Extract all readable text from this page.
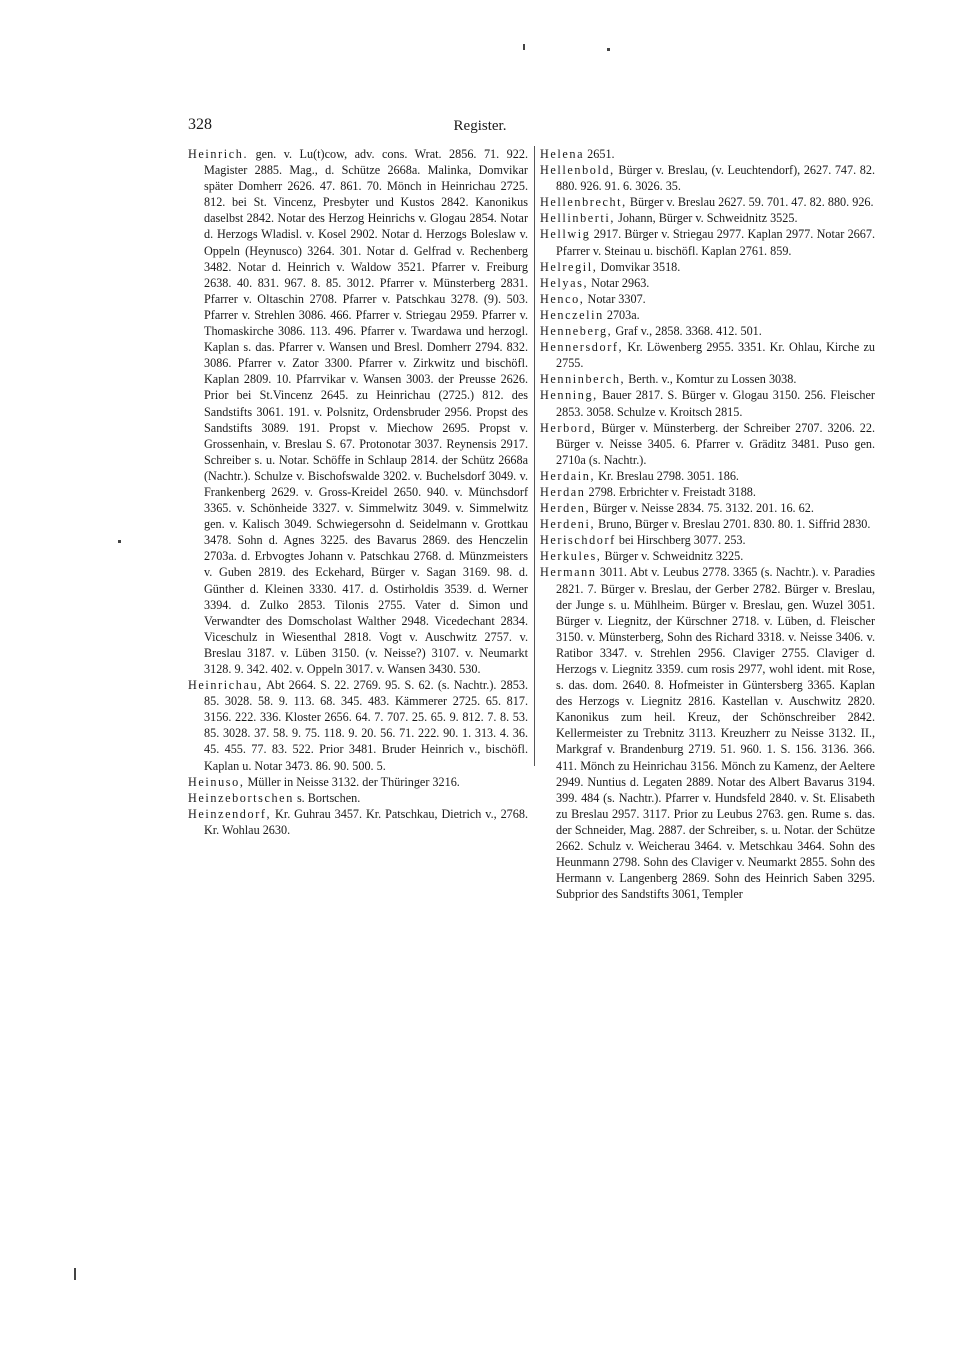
328	Register.

Heinrich. gen. v. Lu(t)cow, adv. cons. Wrat. 2856. 71. 922. Magister 2885. Mag., d. Schütze 2668a. Malinka, Domvikar später Domherr 2626. 47. 861. 70. Mönch in Heinrichau 2725. 812. bei St. Vincenz, Presbyter und Kustos 2842. Kanonikus daselbst 2842. Notar des Herzog Heinrichs v. Glogau 2854. Notar d. Herzogs Wladisl. v. Kosel 2902. Notar d. Herzogs Boleslaw v. Oppeln (Heynusco) 3264. 301. Notar d. Gelfrad v. Rechenberg 3482. Notar d. Heinrich v. Waldow 3521. Pfarrer v. Freiburg 2638. 40. 831. 967. 8. 85. 3012. Pfarrer v. Münsterberg 2831. Pfarrer v. Oltaschin 2708. Pfarrer v. Patschkau 3278. (9). 503. Pfarrer v. Strehlen 3086. 466. Pfarrer v. Striegau 2959. Pfarrer v. Thomaskirche 3086. 113. 496. Pfarrer v. Twardawa und herzogl. Kaplan s. das. Pfarrer v. Wansen und Bresl. Domherr 2794. 832. 3086. Pfarrer v. Zator 3300. Pfarrer v. Zirkwitz und bischöfl. Kaplan 2809. 10. Pfarrvikar v. Wansen 3003. der Preusse 2626. Prior bei St.Vincenz 2645. zu Heinrichau (2725.) 812. des Sandstifts 3061. 191. v. Polsnitz, Ordensbruder 2956. Propst des Sandstifts 3089. 191. Propst v. Miechow 2695. Propst v. Grossenhain, v. Breslau S. 67. Protonotar 3037. Reynensis 2917. Schreiber s. u. Notar. Schöffe in Schlaup 2814. der Schütz 2668a (Nachtr.). Schulze v. Bischofswalde 3202. v. Buchelsdorf 3049. v. Frankenberg 2629. v. Gross-Kreidel 2650. 940. v. Münchsdorf 3365. v. Schönheide 3327. v. Simmelwitz 3049. v. Simmelwitz gen. v. Kalisch 3049. Schwiegersohn d. Seidelmann v. Grottkau 3478. Sohn d. Agnes 3225. des Bavarus 2869. des Henczelin 2703a. d. Erbvogtes Johann v. Patschkau 2768. d. Münzmeisters v. Guben 2819. des Eckehard, Bürger v. Sagan 3169. 98. d. Günther d. Kleinen 3330. 417. d. Ostirholdis 3539. d. Werner 3394. d. Zulko 2853. Tilonis 2755. Vater d. Simon und Verwandter des Domscholast Walther 2948. Vicedechant 2834. Viceschulz in Wiesenthal 2818. Vogt v. Auschwitz 2757. v. Breslau 3187. v. Lüben 3150. (v. Neisse?) 3107. v. Neumarkt 3128. 9. 342. 402. v. Oppeln 3017. v. Wansen 3430. 530.

Heinrichau, Abt 2664. S. 22. 2769. 95. S. 62. (s. Nachtr.). 2853. 85. 3028. 58. 9. 113. 68. 345. 483. Kämmerer 2725. 65. 817. 3156. 222. 336. Kloster 2656. 64. 7. 707. 25. 65. 9. 812. 7. 8. 53. 85. 3028. 37. 58. 9. 75. 118. 9. 20. 56. 71. 222. 90. 1. 313. 4. 36. 45. 455. 77. 83. 522. Prior 3481. Bruder Heinrich v., bischöfl. Kaplan u. Notar 3473. 86. 90. 500. 5.

Heinuso, Müller in Neisse 3132. der Thüringer 3216.

Heinzebortschen s. Bortschen.

Heinzendorf, Kr. Guhrau 3457. Kr. Patschkau, Dietrich v., 2768. Kr. Wohlau 2630.

Helena 2651.

Hellenbold, Bürger v. Breslau, (v. Leuchtendorf), 2627. 747. 82. 880. 926. 91. 6. 3026. 35.

Hellenbrecht, Bürger v. Breslau 2627. 59. 701. 47. 82. 880. 926.

Hellinberti, Johann, Bürger v. Schweidnitz 3525.

Hellwig 2917. Bürger v. Striegau 2977. Kaplan 2977. Notar 2667. Pfarrer v. Steinau u. bischöfl. Kaplan 2761. 859.

Helregil, Domvikar 3518.

Helyas, Notar 2963.

Henco, Notar 3307.

Henczelin 2703a.

Henneberg, Graf v., 2858. 3368. 412. 501.

Hennersdorf, Kr. Löwenberg 2955. 3351. Kr. Ohlau, Kirche zu 2755.

Henninberch, Berth. v., Komtur zu Lossen 3038.

Henning, Bauer 2817. S. Bürger v. Glogau 3150. 256. Fleischer 2853. 3058. Schulze v. Kroitsch 2815.

Herbord, Bürger v. Münsterberg. der Schreiber 2707. 3206. 22. Bürger v. Neisse 3405. 6. Pfarrer v. Gräditz 3481. Puso gen. 2710a (s. Nachtr.).

Herdain, Kr. Breslau 2798. 3051. 186.

Herdan 2798. Erbrichter v. Freistadt 3188.

Herden, Bürger v. Neisse 2834. 75. 3132. 201. 16. 62.

Herdeni, Bruno, Bürger v. Breslau 2701. 830. 80. 1. Siffrid 2830.

Herischdorf bei Hirschberg 3077. 253.

Herkules, Bürger v. Schweidnitz 3225.

Hermann 3011. Abt v. Leubus 2778. 3365 (s. Nachtr.). v. Paradies 2821. 7. Bürger v. Breslau, der Gerber 2782. Bürger v. Breslau, der Junge s. u. Mühlheim. Bürger v. Breslau, gen. Wuzel 3051. Bürger v. Liegnitz, der Kürschner 2718. v. Lüben, d. Fleischer 3150. v. Münsterberg, Sohn des Richard 3318. v. Neisse 3406. v. Ratibor 3347. v. Strehlen 2956. Claviger 2755. Claviger d. Herzogs v. Liegnitz 3359. cum rosis 2977, wohl ident. mit Rose, s. das. dom. 2640. 8. Hofmeister in Güntersberg 3365. Kaplan des Herzogs v. Liegnitz 2816. Kastellan v. Auschwitz 2820. Kanonikus zum heil. Kreuz, der Schönschreiber 2842. Kellermeister zu Trebnitz 3113. Kreuzherr zu Neisse 3132. II., Markgraf v. Brandenburg 2719. 51. 960. 1. S. 156. 3136. 366. 411. Mönch zu Heinrichau 3156. Mönch zu Kamenz, der Aeltere 2949. Nuntius d. Legaten 2889. Notar des Albert Bavarus 3194. 399. 484 (s. Nachtr.). Pfarrer v. Hundsfeld 2840. v. St. Elisabeth zu Breslau 2957. 3117. Prior zu Leubus 2763. gen. Rume s. das. der Schneider, Mag. 2887. der Schreiber, s. u. Notar. der Schütze 2662. Schulz v. Weicherau 3464. v. Metschkau 3464. Sohn des Heunmann 2798. Sohn des Claviger v. Neumarkt 2855. Sohn des Hermann v. Langenberg 2869. Sohn des Heinrich Saben 3295. Subprior des Sandstifts 3061, Templer
